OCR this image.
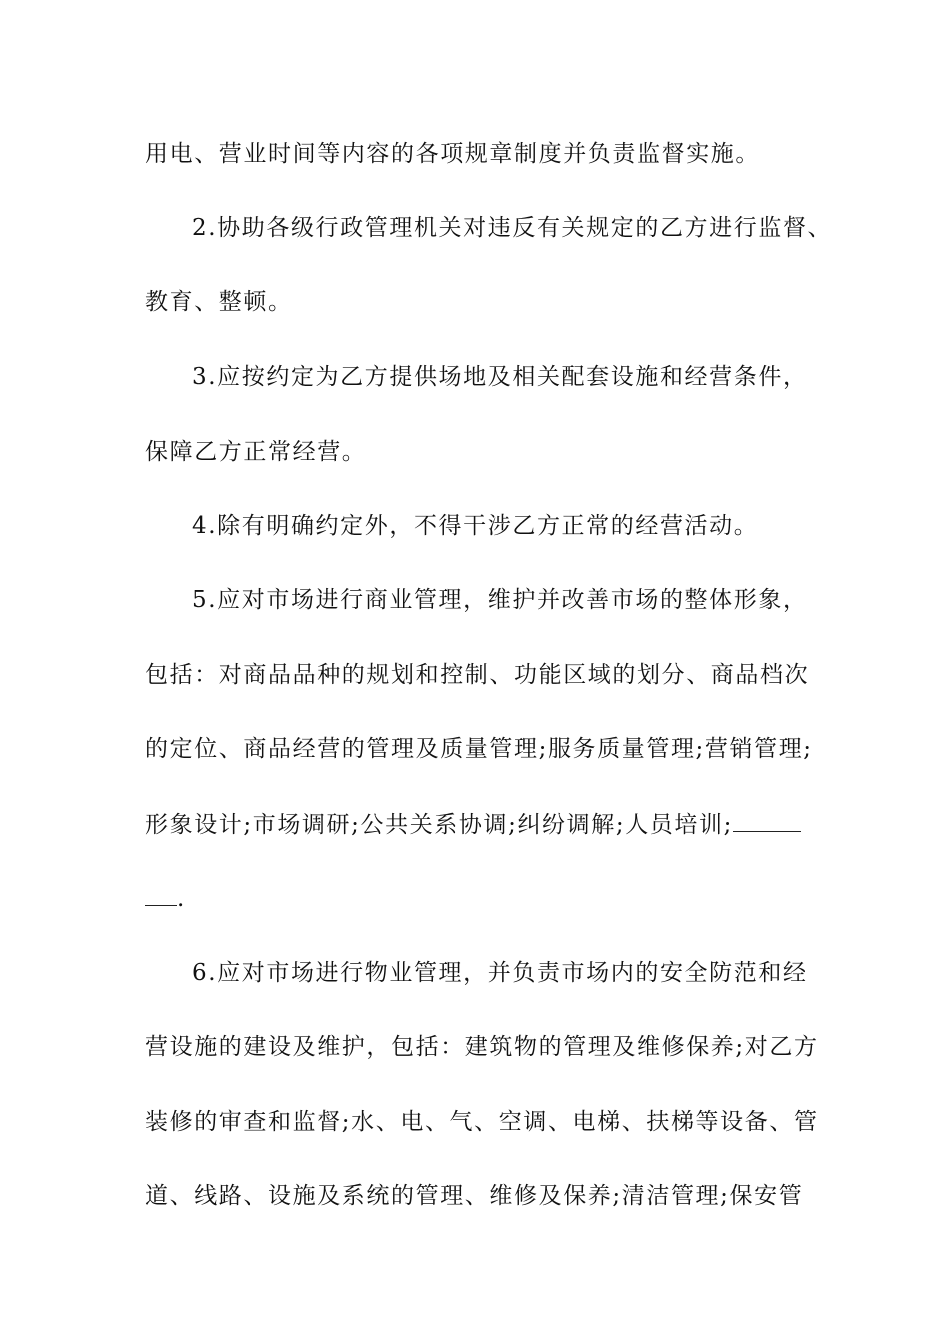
用电、营业时间等内容的各项规章制度并负责监督实施。
2.协助各级行政管理机关对违反有关规定的乙方进行监督、
教育、整顿。
3.应按约定为乙方提供场地及相关配套设施和经营条件，
保障乙方正常经营。
4.除有明确约定外，不得干涉乙方正常的经营活动。
5.应对市场进行商业管理，维护并改善市场的整体形象，
包括：对商品品种的规划和控制、功能区域的划分、商品档次
的定位、商品经营的管理及质量管理;服务质量管理;营销管理;
形象设计;市场调研;公共关系协调;纠纷调解;人员培训;
.
6.应对市场进行物业管理，并负责市场内的安全防范和经
营设施的建设及维护，包括：建筑物的管理及维修保养;对乙方
装修的审查和监督;水、电、气、空调、电梯、扶梯等设备、管
道、线路、设施及系统的管理、维修及保养;清洁管理;保安管
